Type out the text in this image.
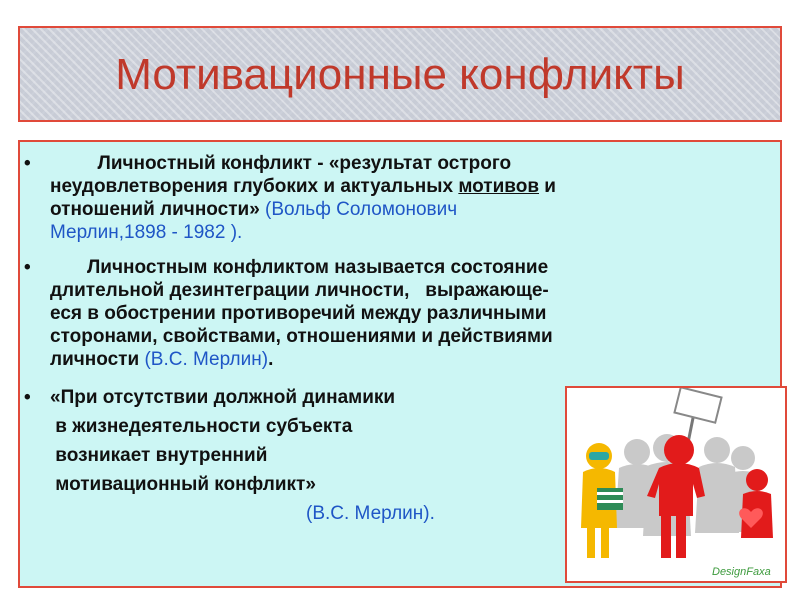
Мотивационные конфликты
• Личностный конфликт - «результат острого
неудовлетворения глубоких и актуальных мотивов и
отношений личности» (Вольф Соломонович
Мерлин,1898 - 1982 ).
• Личностным конфликтом называется состояние
длительной дезинтеграции личности,   выражающе-
еся в обострении противоречий между различными
сторонами, свойствами, отношениями и действиями
личности (В.С. Мерлин).
• «При отсутствии должной динамики
в жизнедеятельности субъекта
возникает внутренний
мотивационный конфликт»
(В.С. Мерлин).
DesignFaxa
